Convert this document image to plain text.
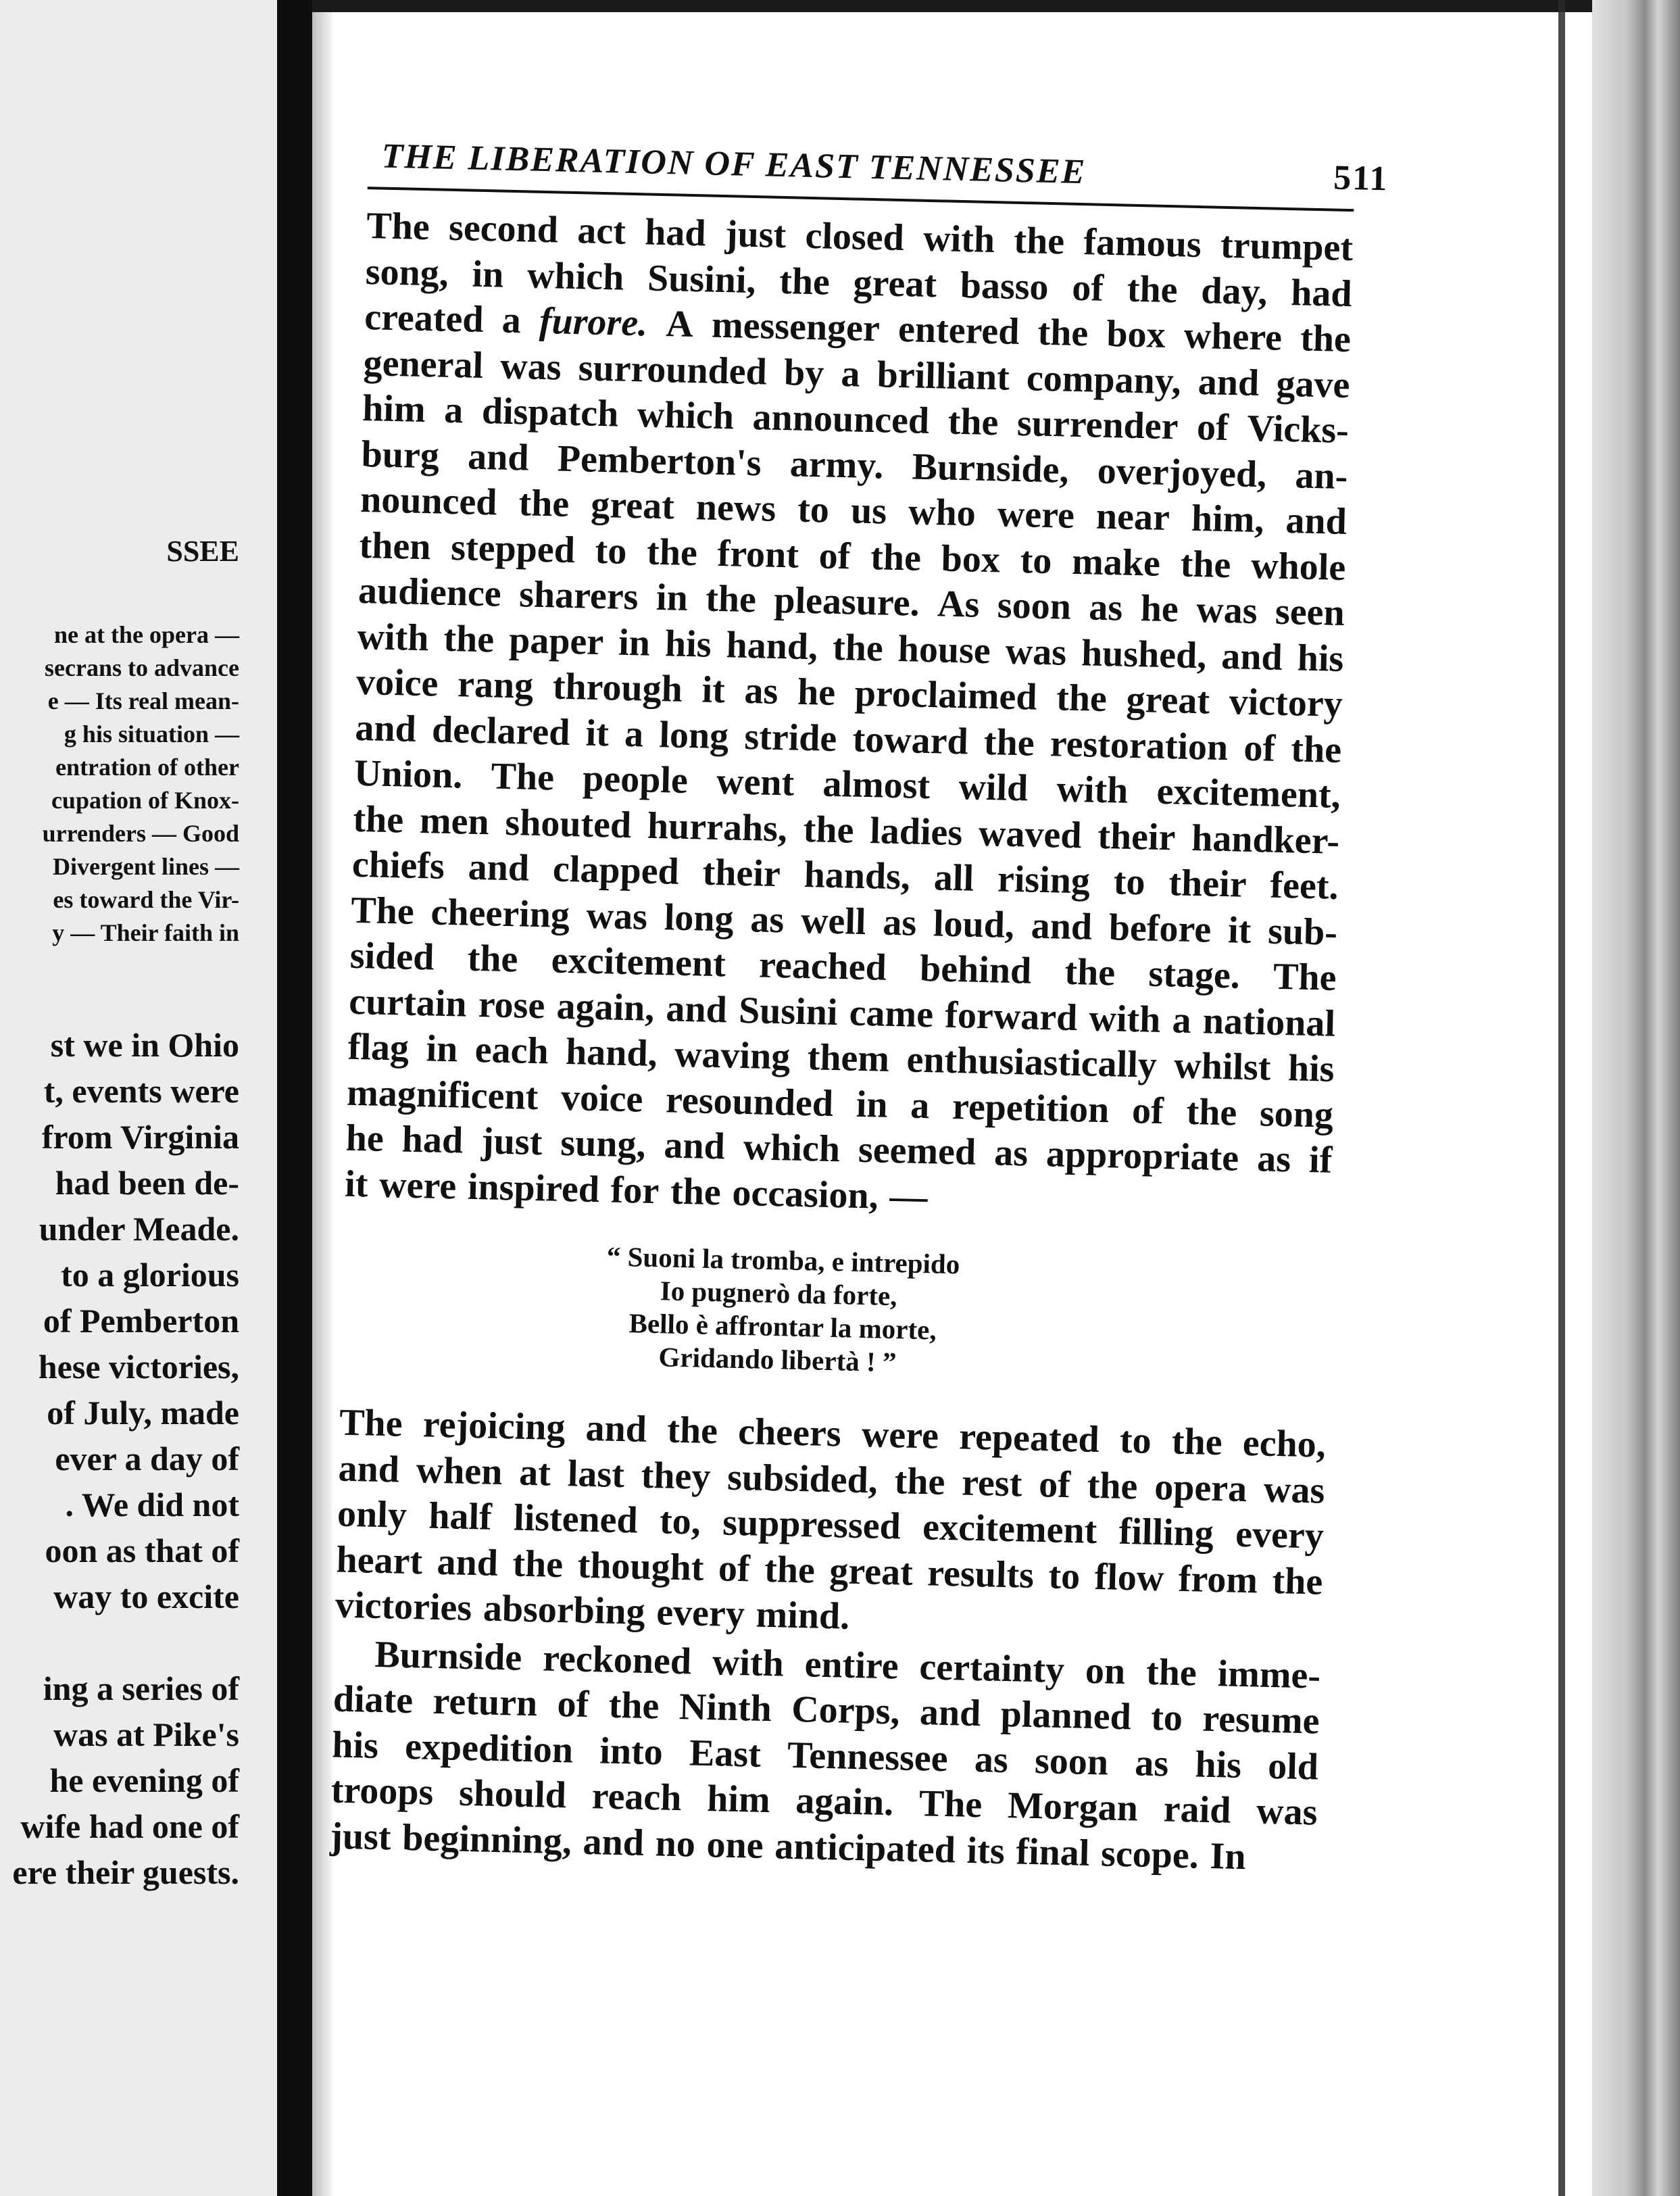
SSEE
ne at the opera —
secrans to advance
e — Its real mean-
g his situation —
entration of other
cupation of Knox-
urrenders — Good
Divergent lines —
es toward the Vir-
y — Their faith in
st we in Ohio
t, events were
from Virginia
had been de-
under Meade.
to a glorious
of Pemberton
hese victories,
of July, made
ever a day of
. We did not
oon as that of
way to excite
ing a series of
was at Pike's
he evening of
wife had one of
ere their guests.
THE LIBERATION OF EAST TENNESSEE	511
The second act had just closed with the famous trumpet
song, in which Susini, the great basso of the day, had
created a furore. A messenger entered the box where the
general was surrounded by a brilliant company, and gave
him a dispatch which announced the surrender of Vicks-
burg and Pemberton's army. Burnside, overjoyed, an-
nounced the great news to us who were near him, and
then stepped to the front of the box to make the whole
audience sharers in the pleasure. As soon as he was seen
with the paper in his hand, the house was hushed, and his
voice rang through it as he proclaimed the great victory
and declared it a long stride toward the restoration of the
Union. The people went almost wild with excitement,
the men shouted hurrahs, the ladies waved their handker-
chiefs and clapped their hands, all rising to their feet.
The cheering was long as well as loud, and before it sub-
sided the excitement reached behind the stage. The
curtain rose again, and Susini came forward with a national
flag in each hand, waving them enthusiastically whilst his
magnificent voice resounded in a repetition of the song
he had just sung, and which seemed as appropriate as if
it were inspired for the occasion, —
“ Suoni la tromba, e intrepido
Io pugnerò da forte,
Bello è affrontar la morte,
Gridando libertà ! ”
The rejoicing and the cheers were repeated to the echo,
and when at last they subsided, the rest of the opera was
only half listened to, suppressed excitement filling every
heart and the thought of the great results to flow from the
victories absorbing every mind.
Burnside reckoned with entire certainty on the imme-
diate return of the Ninth Corps, and planned to resume
his expedition into East Tennessee as soon as his old
troops should reach him again. The Morgan raid was
just beginning, and no one anticipated its final scope. In
